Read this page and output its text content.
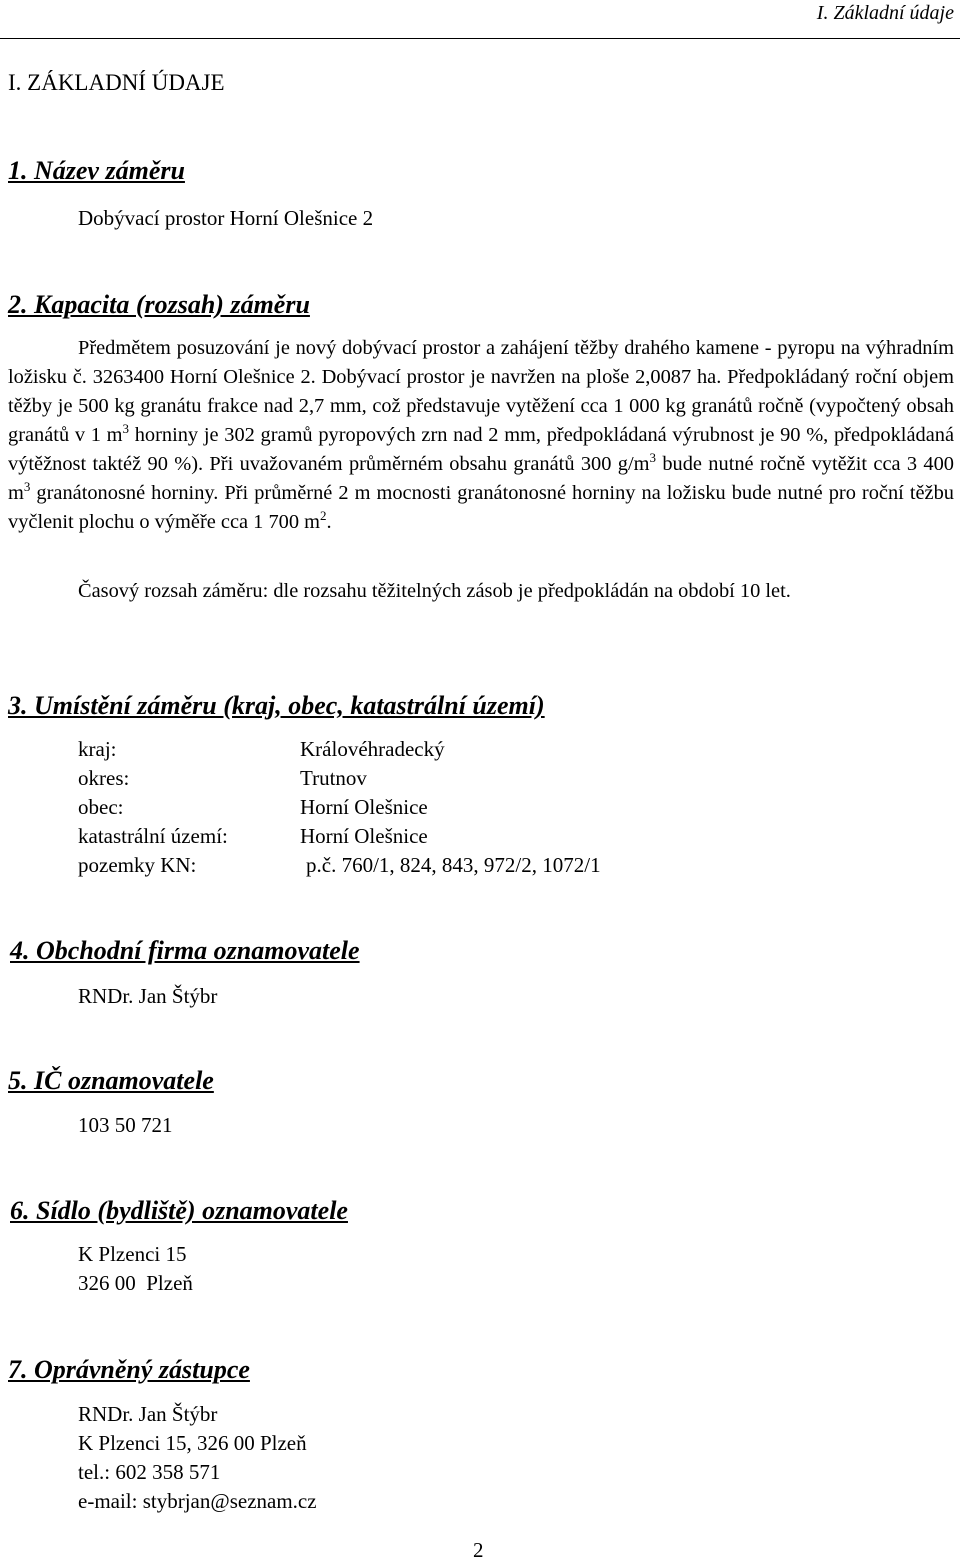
I. Základní údaje
I. ZÁKLADNÍ ÚDAJE
1. Název záměru
Dobývací prostor Horní Olešnice 2
2. Kapacita (rozsah) záměru
Předmětem posuzování je nový dobývací prostor a zahájení těžby drahého kamene - pyropu na výhradním ložisku č. 3263400 Horní Olešnice 2. Dobývací prostor je navržen na ploše 2,0087 ha. Předpokládaný roční objem těžby je 500 kg granátu frakce nad 2,7 mm, což představuje vytěžení cca 1 000 kg granátů ročně (vypočtený obsah granátů v 1 $m^3$ horniny je 302 gramů pyropových zrn nad 2 mm, předpokládaná výrubnost je 90 %, předpokládaná výtěžnost taktéž 90 %). Při uvažovaném průměrném obsahu granátů 300 $g/m^3$ bude nutné ročně vytěžit cca 3 400 $m^3$ granátonosné horniny. Při průměrné 2 m mocnosti granátonosné horniny na ložisku bude nutné pro roční těžbu vyčlenit plochu o výměře cca 1 700 $m^2$.
Časový rozsah záměru: dle rozsahu těžitelných zásob je předpokládán na období 10 let.
3. Umístění záměru (kraj, obec, katastrální území)
kraj:	Královéhradecký
okres:	Trutnov
obec:	Horní Olešnice
katastrální území:	Horní Olešnice
pozemky KN:	p.č. 760/1, 824, 843, 972/2, 1072/1
4. Obchodní firma oznamovatele
RNDr. Jan Štýbr
5. IČ oznamovatele
103 50 721
6. Sídlo (bydliště) oznamovatele
K Plzenci 15
326 00  Plzeň
7. Oprávněný zástupce
RNDr. Jan Štýbr
K Plzenci 15, 326 00 Plzeň
tel.: 602 358 571
e-mail: stybrjan@seznam.cz
2
